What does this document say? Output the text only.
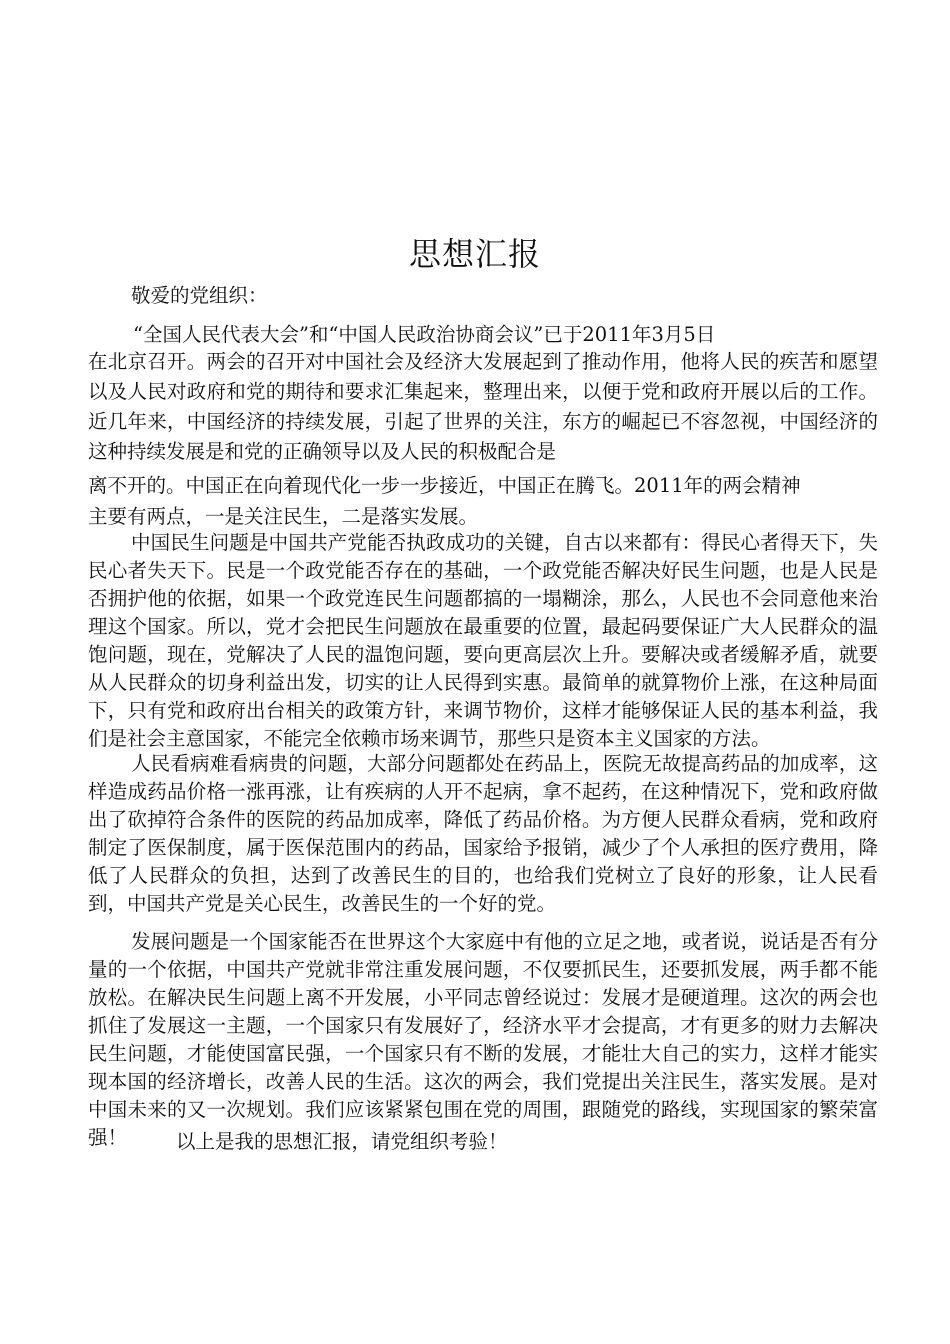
思想汇报
敬爱的党组织：
“全国人民代表大会”和“中国人民政治协商会议”已于2011年3月5日
在北京召开。两会的召开对中国社会及经济大发展起到了推动作用，他将人民的疾苦和愿望以及人民对政府和党的期待和要求汇集起来，整理出来，以便于党和政府开展以后的工作。近几年来，中国经济的持续发展，引起了世界的关注，东方的崛起已不容忽视，中国经济的这种持续发展是和党的正确领导以及人民的积极配合是
离不开的。中国正在向着现代化一步一步接近，中国正在腾飞。2011年的两会精神
主要有两点，一是关注民生，二是落实发展。
中国民生问题是中国共产党能否执政成功的关键，自古以来都有：得民心者得天下，失民心者失天下。民是一个政党能否存在的基础，一个政党能否解决好民生问题，也是人民是否拥护他的依据，如果一个政党连民生问题都搞的一塌糊涂，那么，人民也不会同意他来治理这个国家。所以，党才会把民生问题放在最重要的位置，最起码要保证广大人民群众的温饱问题，现在，党解决了人民的温饱问题，要向更高层次上升。要解决或者缓解矛盾，就要从人民群众的切身利益出发，切实的让人民得到实惠。最简单的就算物价上涨，在这种局面下，只有党和政府出台相关的政策方针，来调节物价，这样才能够保证人民的基本利益，我们是社会主意国家，不能完全依赖市场来调节，那些只是资本主义国家的方法。
人民看病难看病贵的问题，大部分问题都处在药品上，医院无故提高药品的加成率，这样造成药品价格一涨再涨，让有疾病的人开不起病，拿不起药，在这种情况下，党和政府做出了砍掉符合条件的医院的药品加成率，降低了药品价格。为方便人民群众看病，党和政府制定了医保制度，属于医保范围内的药品，国家给予报销，减少了个人承担的医疗费用，降低了人民群众的负担，达到了改善民生的目的，也给我们党树立了良好的形象，让人民看到，中国共产党是关心民生，改善民生的一个好的党。
发展问题是一个国家能否在世界这个大家庭中有他的立足之地，或者说，说话是否有分量的一个依据，中国共产党就非常注重发展问题，不仅要抓民生，还要抓发展，两手都不能放松。在解决民生问题上离不开发展，小平同志曾经说过：发展才是硬道理。这次的两会也抓住了发展这一主题，一个国家只有发展好了，经济水平才会提高，才有更多的财力去解决民生问题，才能使国富民强，一个国家只有不断的发展，才能壮大自己的实力，这样才能实现本国的经济增长，改善人民的生活。这次的两会，我们党提出关注民生，落实发展。是对中国未来的又一次规划。我们应该紧紧包围在党的周围，跟随党的路线，实现国家的繁荣富强！	以上是我的思想汇报，请党组织考验！
